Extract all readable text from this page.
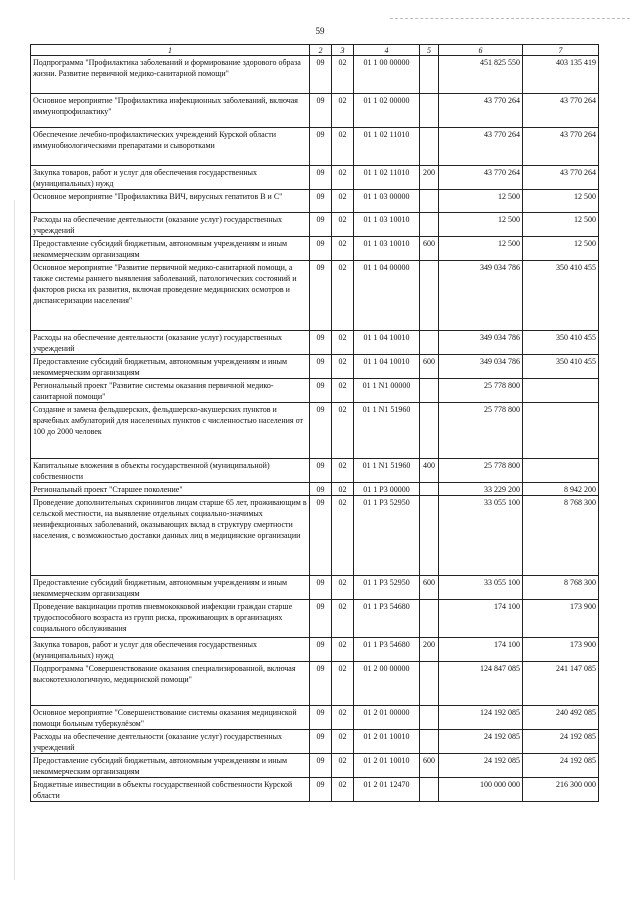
59
1	2	3	4	5	6	7
Подпрограмма "Профилактика заболеваний и формирование здорового образа жизни. Развитие первичной медико-санитарной помощи"	09	02	01 1 00 00000		451 825 550	403 135 419
Основное мероприятие "Профилактика инфекционных заболеваний, включая иммунопрофилактику"	09	02	01 1 02 00000		43 770 264	43 770 264
Обеспечение лечебно-профилактических учреждений Курской области иммунобиологическими препаратами и сыворотками	09	02	01 1 02 11010		43 770 264	43 770 264
Закупка товаров, работ и услуг для обеспечения государственных (муниципальных) нужд	09	02	01 1 02 11010	200	43 770 264	43 770 264
Основное мероприятие "Профилактика ВИЧ, вирусных гепатитов В и С"	09	02	01 1 03 00000		12 500	12 500
Расходы на обеспечение деятельности (оказание услуг) государственных учреждений	09	02	01 1 03 10010		12 500	12 500
Предоставление субсидий бюджетным, автономным учреждениям и иным некоммерческим организациям	09	02	01 1 03 10010	600	12 500	12 500
Основное мероприятие "Развитие первичной медико-санитарной помощи, а также системы раннего выявления заболеваний, патологических состояний и факторов риска их развития, включая проведение медицинских осмотров и диспансеризации населения"	09	02	01 1 04 00000		349 034 786	350 410 455
Расходы на обеспечение деятельности (оказание услуг) государственных учреждений	09	02	01 1 04 10010		349 034 786	350 410 455
Предоставление субсидий бюджетным, автономным учреждениям и иным некоммерческим организациям	09	02	01 1 04 10010	600	349 034 786	350 410 455
Региональный проект "Развитие системы оказания первичной медико-санитарной помощи"	09	02	01 1 N1 00000		25 778 800	
Создание и замена фельдшерских, фельдшерско-акушерских пунктов и врачебных амбулаторий для населенных пунктов с численностью населения от 100 до 2000 человек	09	02	01 1 N1 51960		25 778 800	
Капитальные вложения в объекты государственной (муниципальной) собственности	09	02	01 1 N1 51960	400	25 778 800	
Региональный проект "Старшее поколение"	09	02	01 1 P3 00000		33 229 200	8 942 200
Проведение дополнительных скринингов лицам старше 65 лет, проживающим в сельской местности, на выявление отдельных социально-значимых неинфекционных заболеваний, оказывающих вклад в структуру смертности населения, с возможностью доставки данных лиц в медицинские организации	09	02	01 1 P3 52950		33 055 100	8 768 300
Предоставление субсидий бюджетным, автономным учреждениям и иным некоммерческим организациям	09	02	01 1 P3 52950	600	33 055 100	8 768 300
Проведение вакцинации против пневмококковой инфекции граждан старше трудоспособного возраста из групп риска, проживающих в организациях социального обслуживания	09	02	01 1 P3 54680		174 100	173 900
Закупка товаров, работ и услуг для обеспечения государственных (муниципальных) нужд	09	02	01 1 P3 54680	200	174 100	173 900
Подпрограмма "Совершенствование оказания специализированной, включая высокотехнологичную, медицинской помощи"	09	02	01 2 00 00000		124 847 085	241 147 085
Основное мероприятие "Совершенствование системы оказания медицинской помощи больным туберкулёзом"	09	02	01 2 01 00000		124 192 085	240 492 085
Расходы на обеспечение деятельности (оказание услуг) государственных учреждений	09	02	01 2 01 10010		24 192 085	24 192 085
Предоставление субсидий бюджетным, автономным учреждениям и иным некоммерческим организациям	09	02	01 2 01 10010	600	24 192 085	24 192 085
Бюджетные инвестиции в объекты государственной собственности Курской области	09	02	01 2 01 12470		100 000 000	216 300 000
